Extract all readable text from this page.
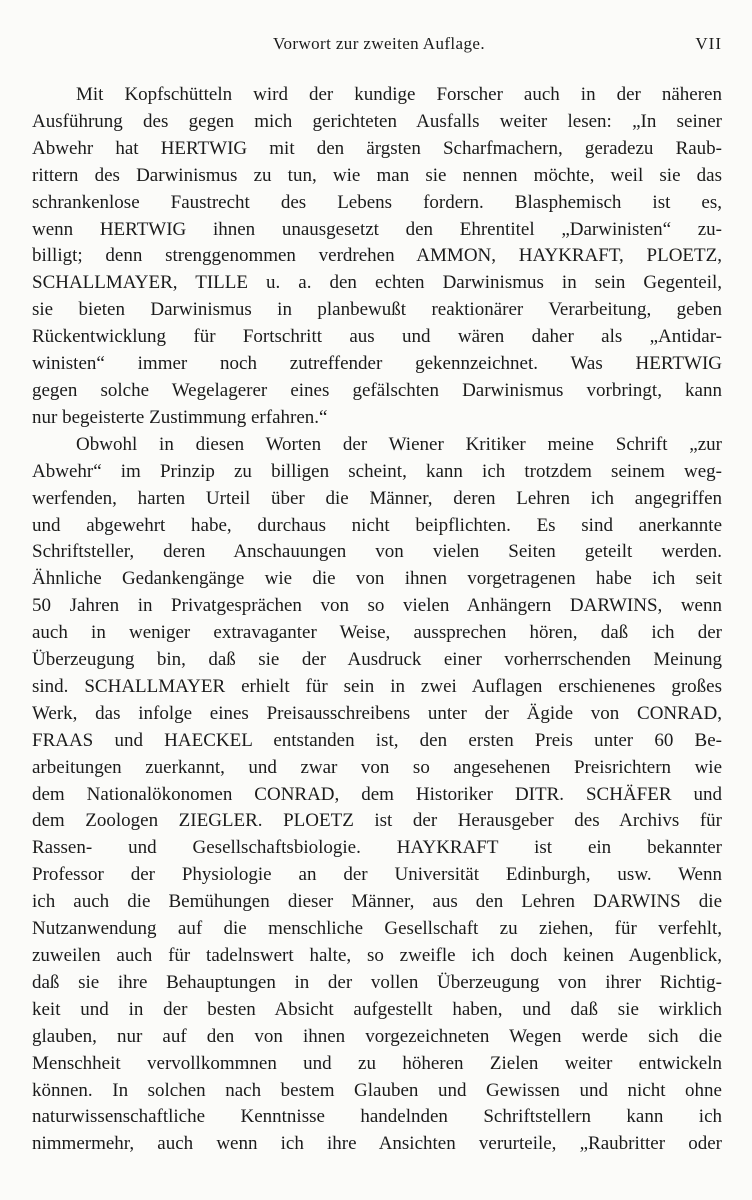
Vorwort zur zweiten Auflage.	VII
Mit Kopfschütteln wird der kundige Forscher auch in der näheren
Ausführung des gegen mich gerichteten Ausfalls weiter lesen: „In seiner
Abwehr hat HERTWIG mit den ärgsten Scharfmachern, geradezu Raub-
rittern des Darwinismus zu tun, wie man sie nennen möchte, weil sie das
schrankenlose Faustrecht des Lebens fordern. Blasphemisch ist es,
wenn HERTWIG ihnen unausgesetzt den Ehrentitel „Darwinisten“ zu-
billigt; denn strenggenommen verdrehen AMMON, HAYKRAFT, PLOETZ,
SCHALLMAYER, TILLE u. a. den echten Darwinismus in sein Gegenteil,
sie bieten Darwinismus in planbewußt reaktionärer Verarbeitung, geben
Rückentwicklung für Fortschritt aus und wären daher als „Antidar-
winisten“ immer noch zutreffender gekennzeichnet. Was HERTWIG
gegen solche Wegelagerer eines gefälschten Darwinismus vorbringt, kann
nur begeisterte Zustimmung erfahren.“
Obwohl in diesen Worten der Wiener Kritiker meine Schrift „zur
Abwehr“ im Prinzip zu billigen scheint, kann ich trotzdem seinem weg-
werfenden, harten Urteil über die Männer, deren Lehren ich angegriffen
und abgewehrt habe, durchaus nicht beipflichten. Es sind anerkannte
Schriftsteller, deren Anschauungen von vielen Seiten geteilt werden.
Ähnliche Gedankengänge wie die von ihnen vorgetragenen habe ich seit
50 Jahren in Privatgesprächen von so vielen Anhängern DARWINS, wenn
auch in weniger extravaganter Weise, aussprechen hören, daß ich der
Überzeugung bin, daß sie der Ausdruck einer vorherrschenden Meinung
sind. SCHALLMAYER erhielt für sein in zwei Auflagen erschienenes großes
Werk, das infolge eines Preisausschreibens unter der Ägide von CONRAD,
FRAAS und HAECKEL entstanden ist, den ersten Preis unter 60 Be-
arbeitungen zuerkannt, und zwar von so angesehenen Preisrichtern wie
dem Nationalökonomen CONRAD, dem Historiker DITR. SCHÄFER und
dem Zoologen ZIEGLER. PLOETZ ist der Herausgeber des Archivs für
Rassen- und Gesellschaftsbiologie. HAYKRAFT ist ein bekannter
Professor der Physiologie an der Universität Edinburgh, usw. Wenn
ich auch die Bemühungen dieser Männer, aus den Lehren DARWINS die
Nutzanwendung auf die menschliche Gesellschaft zu ziehen, für verfehlt,
zuweilen auch für tadelnswert halte, so zweifle ich doch keinen Augenblick,
daß sie ihre Behauptungen in der vollen Überzeugung von ihrer Richtig-
keit und in der besten Absicht aufgestellt haben, und daß sie wirklich
glauben, nur auf den von ihnen vorgezeichneten Wegen werde sich die
Menschheit vervollkommnen und zu höheren Zielen weiter entwickeln
können. In solchen nach bestem Glauben und Gewissen und nicht ohne
naturwissenschaftliche Kenntnisse handelnden Schriftstellern kann ich
nimmermehr, auch wenn ich ihre Ansichten verurteile, „Raubritter oder
